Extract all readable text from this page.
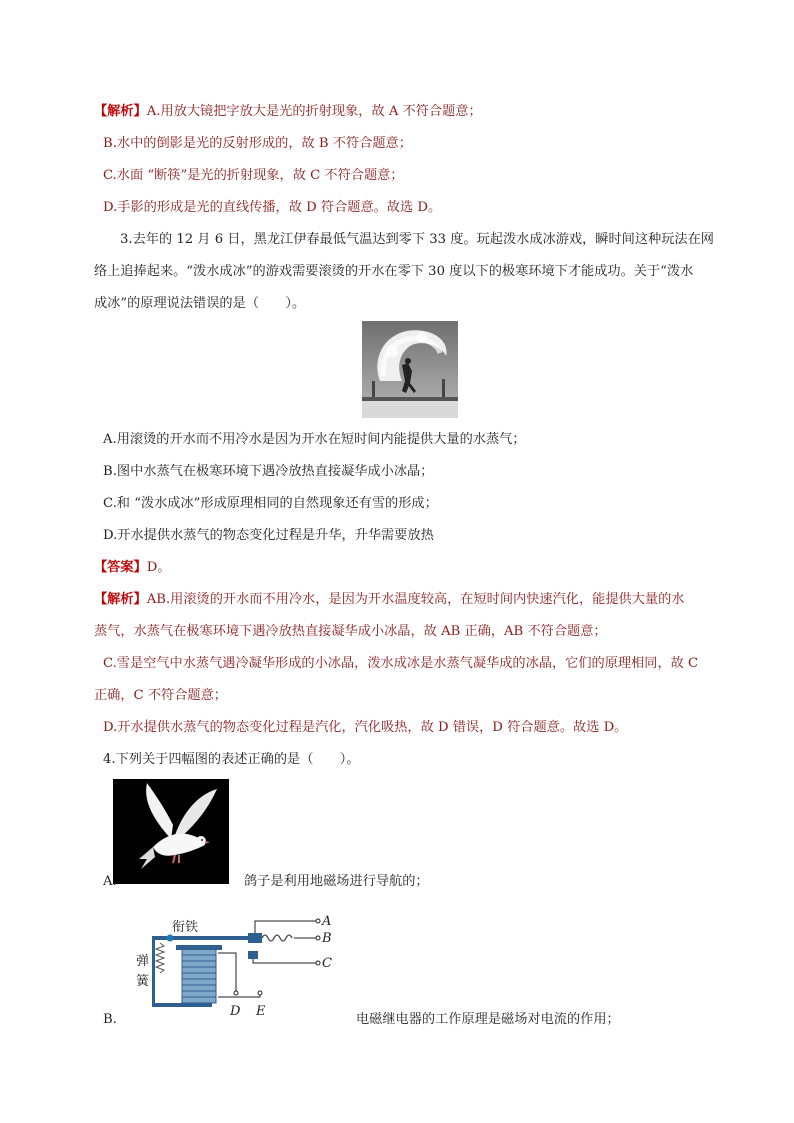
【解析】A.用放大镜把字放大是光的折射现象，故 A 不符合题意；
B.水中的倒影是光的反射形成的，故 B 不符合题意；
C.水面 “断筷”是光的折射现象，故 C 不符合题意；
D.手影的形成是光的直线传播，故 D 符合题意。故选 D。
3.去年的 12 月 6 日，黑龙江伊春最低气温达到零下 33 度。玩起泼水成冰游戏，瞬时间这种玩法在网
络上追捧起来。“泼水成冰”的游戏需要滚烫的开水在零下 30 度以下的极寒环境下才能成功。关于“泼水
成冰”的原理说法错误的是（　　）。
A.用滚烫的开水而不用冷水是因为开水在短时间内能提供大量的水蒸气；
B.图中水蒸气在极寒环境下遇冷放热直接凝华成小冰晶；
C.和 “泼水成冰”形成原理相同的自然现象还有雪的形成；
D.开水提供水蒸气的物态变化过程是升华，升华需要放热
【答案】D。
【解析】AB.用滚烫的开水而不用冷水，是因为开水温度较高，在短时间内快速汽化，能提供大量的水
蒸气，水蒸气在极寒环境下遇冷放热直接凝华成小冰晶，故 AB 正确，AB 不符合题意；
C.雪是空气中水蒸气遇冷凝华形成的小冰晶，泼水成冰是水蒸气凝华成的冰晶，它们的原理相同，故 C
正确，C 不符合题意；
D.开水提供水蒸气的物态变化过程是汽化，汽化吸热，故 D 错误，D 符合题意。故选 D。
4.下列关于四幅图的表述正确的是（　　）。
A.	鸽子是利用地磁场进行导航的；
衔铁
弹
簧
A
B
C
D E
B.	电磁继电器的工作原理是磁场对电流的作用；
